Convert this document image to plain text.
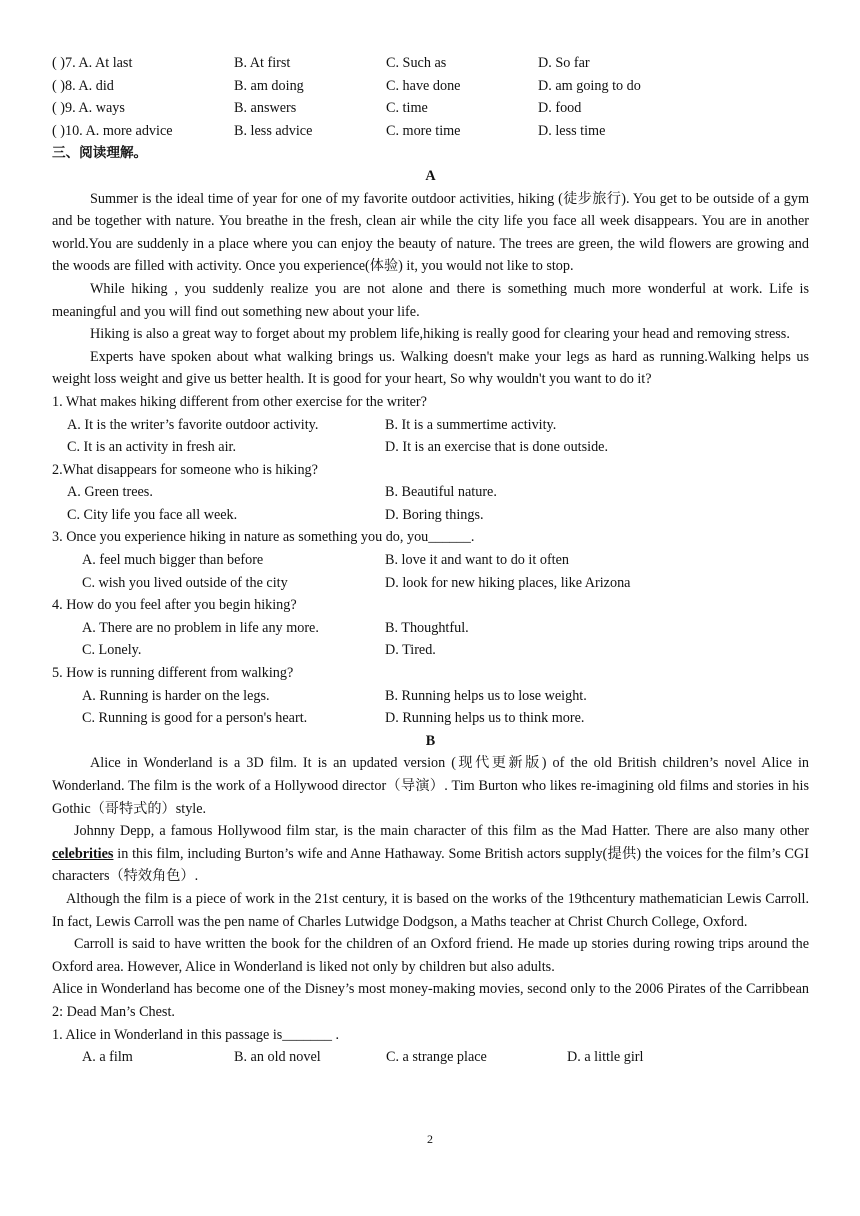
( )7. A. At last	B. At first	C. Such as	D. So far
( )8. A. did	B. am doing	C. have done	D. am going to do
( )9. A. ways	B. answers	C. time	D. food
( )10. A. more advice	B. less advice	C. more time	D. less time
三、阅读理解。
A

Summer is the ideal time of year for one of my favorite outdoor activities, hiking (徒步旅行). You get to be outside of a gym and be together with nature. You breathe in the fresh, clean air while the city life you face all week disappears. You are in another world.You are suddenly in a place where you can enjoy the beauty of nature. The trees are green, the wild flowers are growing and the woods are filled with activity. Once you experience(体验) it, you would not like to stop.

While hiking , you suddenly realize you are not alone and there is something much more wonderful at work. Life is meaningful and you will find out something new about your life.

Hiking is also a great way to forget about my problem life,hiking is really good for clearing your head and removing stress.

Experts have spoken about what walking brings us. Walking doesn't make your legs as hard as running.Walking helps us weight loss weight and give us better health. It is good for your heart, So why wouldn't you want to do it?

1. What makes hiking different from other exercise for the writer?

A. It is the writer’s favorite outdoor activity.	B. It is a summertime activity.
C. It is an activity in fresh air.	D. It is an exercise that is done outside.

2.What disappears for someone who is hiking?

A. Green trees.	B. Beautiful nature.
C. City life you face all week.	D. Boring things.

3. Once you experience hiking in nature as something you do, you______.

A. feel much bigger than before	B. love it and want to do it often
C. wish you lived outside of the city	D. look for new hiking places, like Arizona

4. How do you feel after you begin hiking?

A. There are no problem in life any more.	B. Thoughtful.
C. Lonely.	D. Tired.

5. How is running different from walking?

A. Running is harder on the legs.	B. Running helps us to lose weight.
C. Running is good for a person's heart.	D. Running helps us to think more.
B

Alice in Wonderland is a 3D film. It is an updated version (现代更新版) of the old British children’s novel Alice in Wonderland. The film is the work of a Hollywood director（导演）. Tim Burton who likes re-imagining old films and stories in his Gothic（哥特式的）style.

Johnny Depp, a famous Hollywood film star, is the main character of this film as the Mad Hatter. There are also many other celebrities in this film, including Burton’s wife and Anne Hathaway. Some British actors supply(提供) the voices for the film’s CGI characters（特效角色）.

Although the film is a piece of work in the 21st century, it is based on the works of the 19thcentury mathematician Lewis Carroll. In fact, Lewis Carroll was the pen name of Charles Lutwidge Dodgson, a Maths teacher at Christ Church College, Oxford.

Carroll is said to have written the book for the children of an Oxford friend. He made up stories during rowing trips around the Oxford area. However, Alice in Wonderland is liked not only by children but also adults.

Alice in Wonderland has become one of the Disney’s most money-making movies, second only to the 2006 Pirates of the Carribbean 2: Dead Man’s Chest.

1. Alice in Wonderland in this passage is_______ .

A. a film	B. an old novel	C. a strange place	D. a little girl
2
